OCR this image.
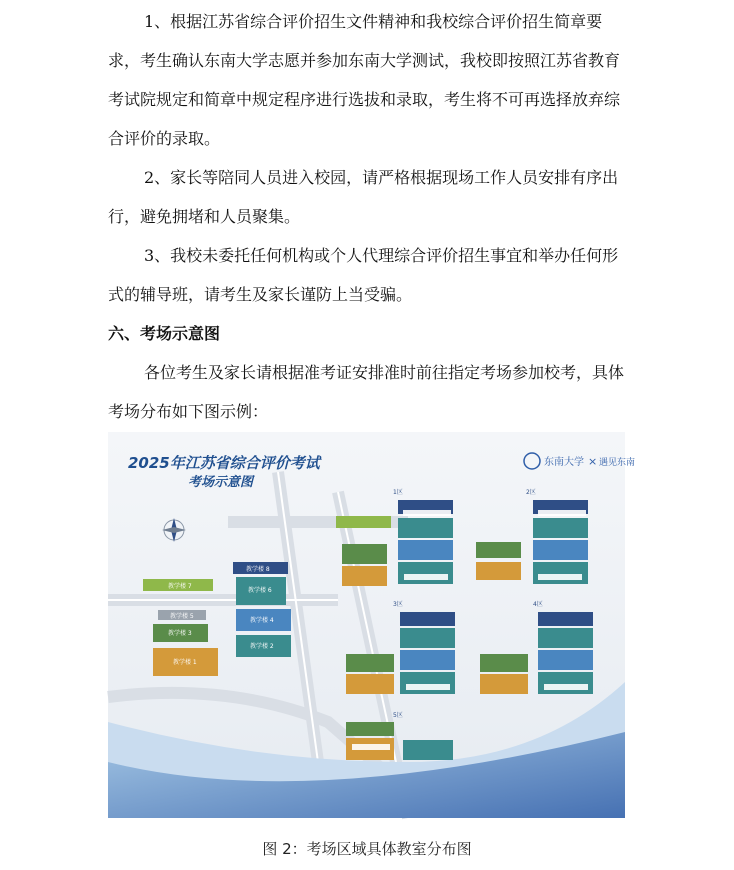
1、根据江苏省综合评价招生文件精神和我校综合评价招生简章要求，考生确认东南大学志愿并参加东南大学测试，我校即按照江苏省教育考试院规定和简章中规定程序进行选拔和录取，考生将不可再选择放弃综合评价的录取。

2、家长等陪同人员进入校园，请严格根据现场工作人员安排有序出行，避免拥堵和人员聚集。

3、我校未委托任何机构或个人代理综合评价招生事宜和举办任何形式的辅导班，请考生及家长谨防上当受骗。

六、考场示意图

各位考生及家长请根据准考证安排准时前往指定考场参加校考，具体考场分布如下图示例：

2025年江苏省综合评价考试
考场示意图
东南大学 × 遇见东南
教学楼 7
教学楼 5
教学楼 3
教学楼 1
教学楼 8
教学楼 6
教学楼 4
教学楼 2
1区	2区
3区	4区
5区
图 2：考场区域具体教室分布图
